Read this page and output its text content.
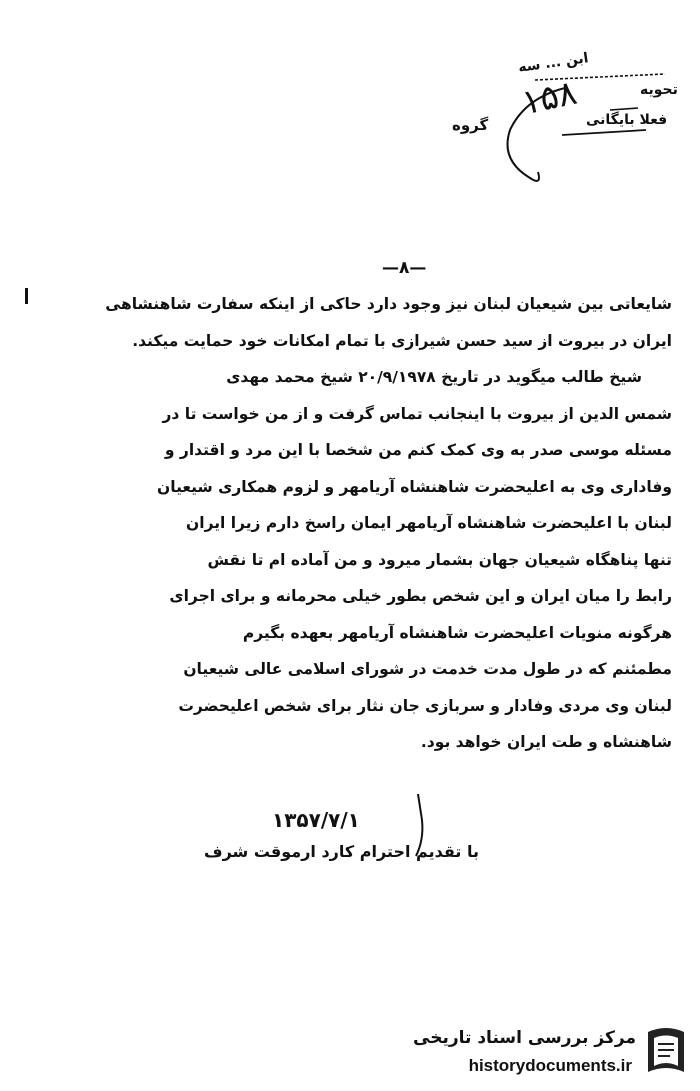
ابن ... سه
تحویه
۱۵۸
گروه	فعلا بایگانی
—۸—
شایعاتی بین شیعیان لبنان نیز وجود دارد حاکی از اینکه سفارت شاهنشاهی
ایران در بیروت از سید حسن شیرازی با تمام امکانات خود حمایت میکند.
شیخ طالب میگوید در تاریخ ۲۰/۹/۱۹۷۸ شیخ محمد مهدی
شمس الدین از بیروت با اینجانب تماس گرفت و از من خواست تا در
مسئله موسی صدر به وی کمک کنم من شخصا با این مرد و اقتدار و
وفاداری وی به اعلیحضرت شاهنشاه آریامهر و لزوم همکاری شیعیان
لبنان با اعلیحضرت شاهنشاه آریامهر ایمان راسخ دارم زیرا ایران
تنها پناهگاه شیعیان جهان بشمار میرود و من آماده ام تا نقش
رابط را میان ایران و این شخص بطور خیلی محرمانه و برای اجرای
هرگونه منویات اعلیحضرت شاهنشاه آریامهر بعهده بگیرم
مطمئنم که در طول مدت خدمت در شورای اسلامی عالی شیعیان
لبنان وی مردی وفادار و سربازی جان نثار برای شخص اعلیحضرت
شاهنشاه و طت ایران خواهد بود.
۱۳۵۷/۷/۱
با تقدیم احترام کارد ارموقت شرف
مرکز بررسی اسناد تاریخی
historydocuments.ir
